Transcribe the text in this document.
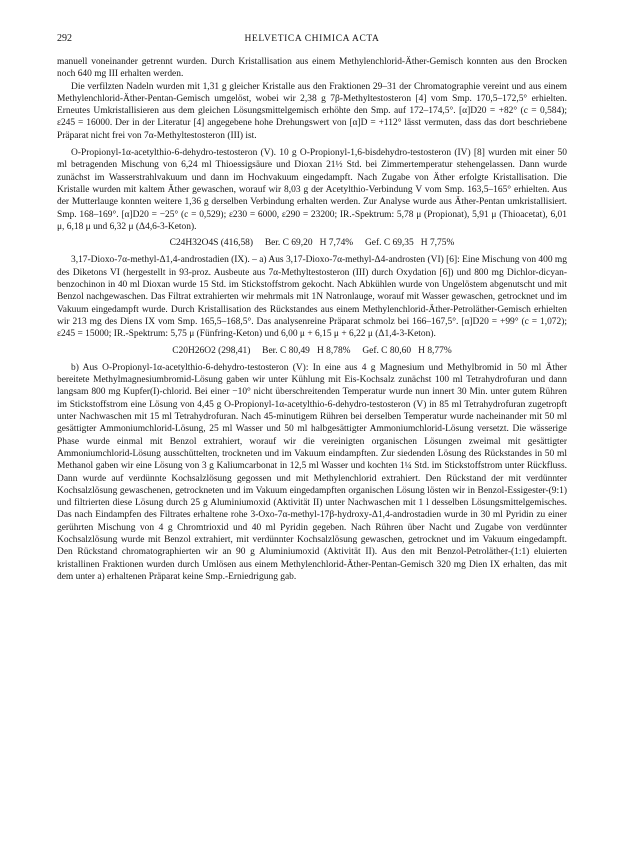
292	HELVETICA CHIMICA ACTA

manuell voneinander getrennt wurden. Durch Kristallisation aus einem Methylenchlorid-Äther-Gemisch konnten aus den Brocken noch 640 mg III erhalten werden.

Die verfilzten Nadeln wurden mit 1,31 g gleicher Kristalle aus den Fraktionen 29–31 der Chromatographie vereint und aus einem Methylenchlorid-Äther-Pentan-Gemisch umgelöst, wobei wir 2,38 g 7β-Methyltestosteron [4] vom Smp. 170,5–172,5° erhielten. Erneutes Umkristallisieren aus dem gleichen Lösungsmittelgemisch erhöhte den Smp. auf 172–174,5°. [α]D20 = +82° (c = 0,584); ε245 = 16000. Der in der Literatur [4] angegebene hohe Drehungswert von [α]D = +112° lässt vermuten, dass das dort beschriebene Präparat nicht frei von 7α-Methyltestosteron (III) ist.

O-Propionyl-1α-acetylthio-6-dehydro-testosteron (V). 10 g O-Propionyl-1,6-bisdehydro-testosteron (IV) [8] wurden mit einer 50 ml betragenden Mischung von 6,24 ml Thioessigsäure und Dioxan 21½ Std. bei Zimmertemperatur stehengelassen. Dann wurde zunächst im Wasserstrahlvakuum und dann im Hochvakuum eingedampft. Nach Zugabe von Äther erfolgte Kristallisation. Die Kristalle wurden mit kaltem Äther gewaschen, worauf wir 8,03 g der Acetylthio-Verbindung V vom Smp. 163,5–165° erhielten. Aus der Mutterlauge konnten weitere 1,36 g derselben Verbindung erhalten werden. Zur Analyse wurde aus Äther-Pentan umkristallisiert. Smp. 168–169°. [α]D20 = −25° (c = 0,529); ε230 = 6000, ε290 = 23200; IR.-Spektrum: 5,78 μ (Propionat), 5,91 μ (Thioacetat), 6,01 μ, 6,18 μ und 6,32 μ (Δ4,6-3-Keton).

C24H32O4S (416,58)     Ber. C 69,20   H 7,74%     Gef. C 69,35   H 7,75%

3,17-Dioxo-7α-methyl-Δ1,4-androstadien (IX). – a) Aus 3,17-Dioxo-7α-methyl-Δ4-androsten (VI) [6]: Eine Mischung von 400 mg des Diketons VI (hergestellt in 93-proz. Ausbeute aus 7α-Methyltestosteron (III) durch Oxydation [6]) und 800 mg Dichlor-dicyan-benzochinon in 40 ml Dioxan wurde 15 Std. im Stickstoffstrom gekocht. Nach Abkühlen wurde von Ungelöstem abgenutscht und mit Benzol nachgewaschen. Das Filtrat extrahierten wir mehrmals mit 1N Natronlauge, worauf mit Wasser gewaschen, getrocknet und im Vakuum eingedampft wurde. Durch Kristallisation des Rückstandes aus einem Methylenchlorid-Äther-Petroläther-Gemisch erhielten wir 213 mg des Diens IX vom Smp. 165,5–168,5°. Das analysenreine Präparat schmolz bei 166–167,5°. [α]D20 = +99° (c = 1,072); ε245 = 15000; IR.-Spektrum: 5,75 μ (Fünfring-Keton) und 6,00 μ + 6,15 μ + 6,22 μ (Δ1,4-3-Keton).

C20H26O2 (298,41)     Ber. C 80,49   H 8,78%     Gef. C 80,60   H 8,77%

b) Aus O-Propionyl-1α-acetylthio-6-dehydro-testosteron (V): In eine aus 4 g Magnesium und Methylbromid in 50 ml Äther bereitete Methylmagnesiumbromid-Lösung gaben wir unter Kühlung mit Eis-Kochsalz zunächst 100 ml Tetrahydrofuran und dann langsam 800 mg Kupfer(I)-chlorid. Bei einer −10° nicht überschreitenden Temperatur wurde nun innert 30 Min. unter gutem Rühren im Stickstoffstrom eine Lösung von 4,45 g O-Propionyl-1α-acetylthio-6-dehydro-testosteron (V) in 85 ml Tetrahydrofuran zugetropft unter Nachwaschen mit 15 ml Tetrahydrofuran. Nach 45-minutigem Rühren bei derselben Temperatur wurde nacheinander mit 50 ml gesättigter Ammoniumchlorid-Lösung, 25 ml Wasser und 50 ml halbgesättigter Ammoniumchlorid-Lösung versetzt. Die wässerige Phase wurde einmal mit Benzol extrahiert, worauf wir die vereinigten organischen Lösungen zweimal mit gesättigter Ammoniumchlorid-Lösung ausschüttelten, trockneten und im Vakuum eindampften. Zur siedenden Lösung des Rückstandes in 50 ml Methanol gaben wir eine Lösung von 3 g Kaliumcarbonat in 12,5 ml Wasser und kochten 1¼ Std. im Stickstoffstrom unter Rückfluss. Dann wurde auf verdünnte Kochsalzlösung gegossen und mit Methylenchlorid extrahiert. Den Rückstand der mit verdünnter Kochsalzlösung gewaschenen, getrockneten und im Vakuum eingedampften organischen Lösung lösten wir in Benzol-Essigester-(9:1) und filtrierten diese Lösung durch 25 g Aluminiumoxid (Aktivität II) unter Nachwaschen mit 1 l desselben Lösungsmittelgemisches. Das nach Eindampfen des Filtrates erhaltene rohe 3-Oxo-7α-methyl-17β-hydroxy-Δ1,4-androstadien wurde in 30 ml Pyridin zu einer gerührten Mischung von 4 g Chromtrioxid und 40 ml Pyridin gegeben. Nach Rühren über Nacht und Zugabe von verdünnter Kochsalzlösung wurde mit Benzol extrahiert, mit verdünnter Kochsalzlösung gewaschen, getrocknet und im Vakuum eingedampft. Den Rückstand chromatographierten wir an 90 g Aluminiumoxid (Aktivität II). Aus den mit Benzol-Petroläther-(1:1) eluierten kristallinen Fraktionen wurden durch Umlösen aus einem Methylenchlorid-Äther-Pentan-Gemisch 320 mg Dien IX erhalten, das mit dem unter a) erhaltenen Präparat keine Smp.-Erniedrigung gab.
